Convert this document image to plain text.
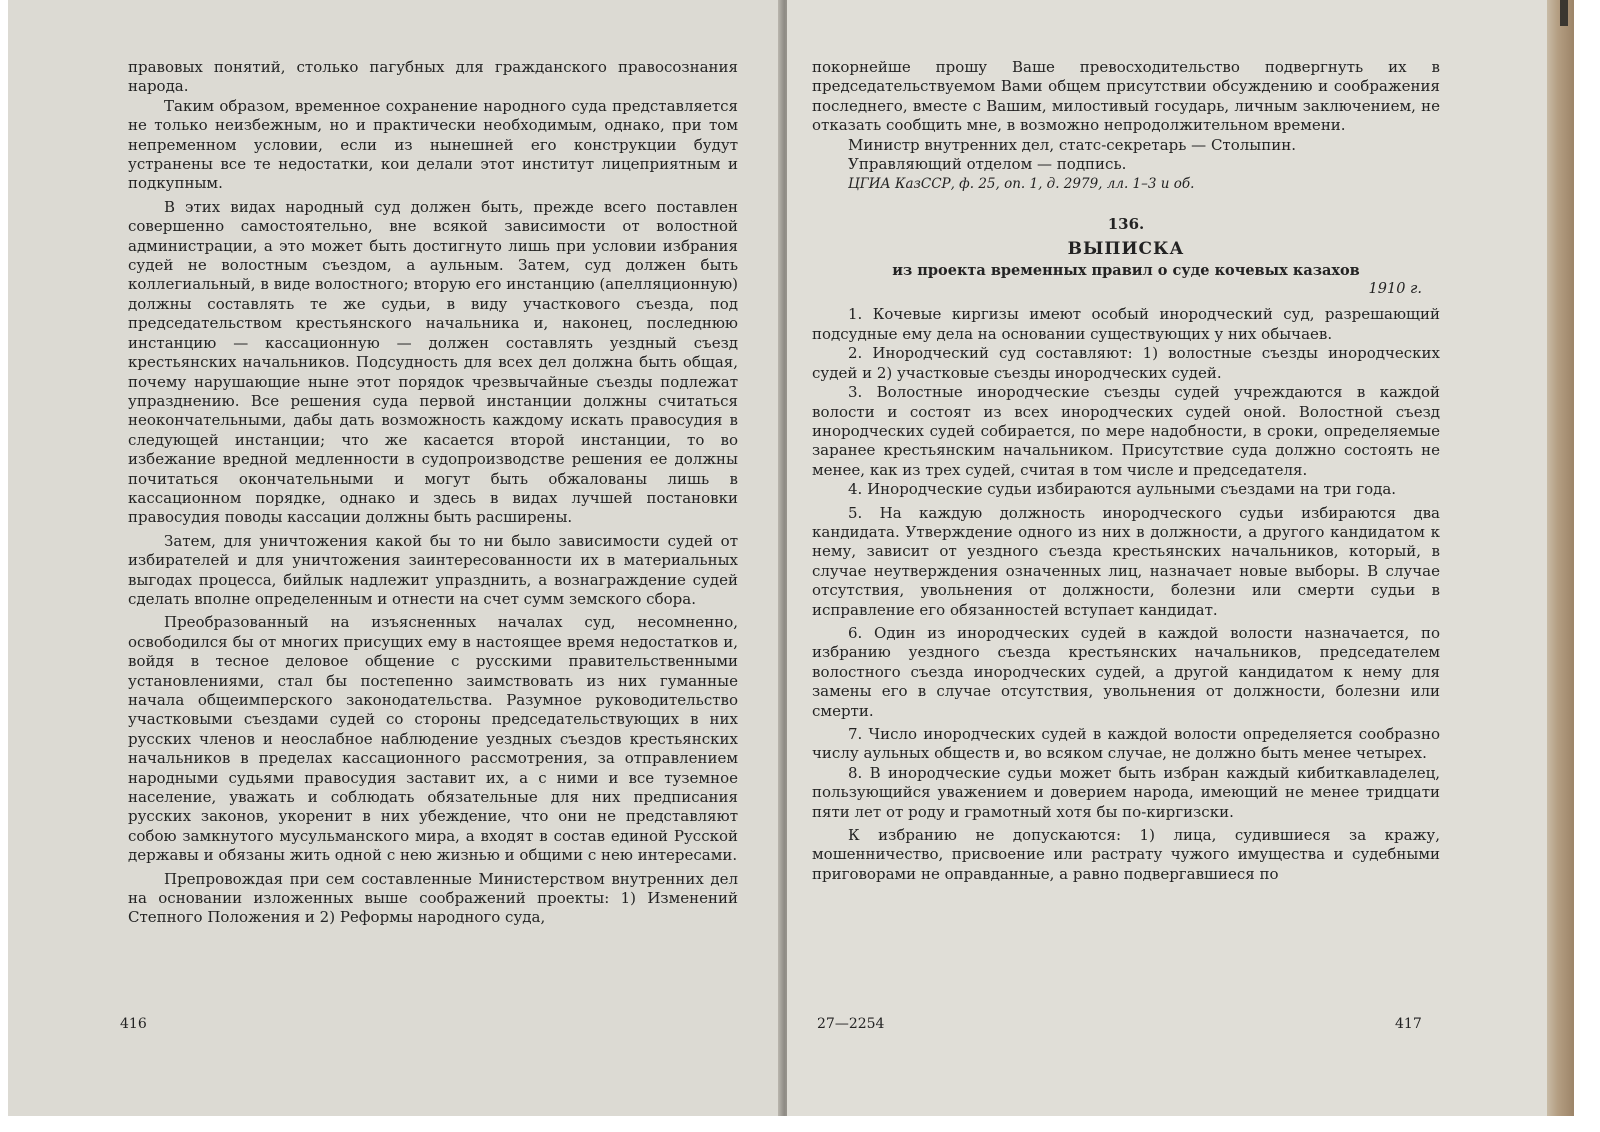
правовых понятий, столько пагубных для гражданского правосознания народа.

Таким образом, временное сохранение народного суда представляется не только неизбежным, но и практически необходимым, однако, при том непременном условии, если из нынешней его конструкции будут устранены все те недостатки, кои делали этот институт лицеприятным и подкупным.

В этих видах народный суд должен быть, прежде всего поставлен совершенно самостоятельно, вне всякой зависимости от волостной администрации, а это может быть достигнуто лишь при условии избрания судей не волостным съездом, а аульным. Затем, суд должен быть коллегиальный, в виде волостного; вторую его инстанцию (апелляционную) должны составлять те же судьи, в виду участкового съезда, под председательством крестьянского начальника и, наконец, последнюю инстанцию — кассационную — должен составлять уездный съезд крестьянских начальников. Подсудность для всех дел должна быть общая, почему нарушающие ныне этот порядок чрезвычайные съезды подлежат упразднению. Все решения суда первой инстанции должны считаться неокончательными, дабы дать возможность каждому искать правосудия в следующей инстанции; что же касается второй инстанции, то во избежание вредной медленности в судопроизводстве решения ее должны почитаться окончательными и могут быть обжалованы лишь в кассационном порядке, однако и здесь в видах лучшей постановки правосудия поводы кассации должны быть расширены.

Затем, для уничтожения какой бы то ни было зависимости судей от избирателей и для уничтожения заинтересованности их в материальных выгодах процесса, бийлык надлежит упразднить, а вознаграждение судей сделать вполне определенным и отнести на счет сумм земского сбора.

Преобразованный на изъясненных началах суд, несомненно, освободился бы от многих присущих ему в настоящее время недостатков и, войдя в тесное деловое общение с русскими правительственными установлениями, стал бы постепенно заимствовать из них гуманные начала общеимперского законодательства. Разумное руководительство участковыми съездами судей со стороны председательствующих в них русских членов и неослабное наблюдение уездных съездов крестьянских начальников в пределах кассационного рассмотрения, за отправлением народными судьями правосудия заставит их, а с ними и все туземное население, уважать и соблюдать обязательные для них предписания русских законов, укоренит в них убеждение, что они не представляют собою замкнутого мусульманского мира, а входят в состав единой Русской державы и обязаны жить одной с нею жизнью и общими с нею интересами.

Препровождая при сем составленные Министерством внутренних дел на основании изложенных выше соображений проекты: 1) Изменений Степного Положения и 2) Реформы народного суда,

416

покорнейше прошу Ваше превосходительство подвергнуть их в председательствуемом Вами общем присутствии обсуждению и соображения последнего, вместе с Вашим, милостивый государь, личным заключением, не отказать сообщить мне, в возможно непродолжительном времени.

Министр внутренних дел, статс-секретарь — Столыпин.

Управляющий отделом — подпись.

ЦГИА КазССР, ф. 25, оп. 1, д. 2979, лл. 1–3 и об.

136.
ВЫПИСКА
из проекта временных правил о суде кочевых казахов
1910 г.

1. Кочевые киргизы имеют особый инородческий суд, разрешающий подсудные ему дела на основании существующих у них обычаев.

2. Инородческий суд составляют: 1) волостные съезды инородческих судей и 2) участковые съезды инородческих судей.

3. Волостные инородческие съезды судей учреждаются в каждой волости и состоят из всех инородческих судей оной. Волостной съезд инородческих судей собирается, по мере надобности, в сроки, определяемые заранее крестьянским начальником. Присутствие суда должно состоять не менее, как из трех судей, считая в том числе и председателя.

4. Инородческие судьи избираются аульными съездами на три года.

5. На каждую должность инородческого судьи избираются два кандидата. Утверждение одного из них в должности, а другого кандидатом к нему, зависит от уездного съезда крестьянских начальников, который, в случае неутверждения означенных лиц, назначает новые выборы. В случае отсутствия, увольнения от должности, болезни или смерти судьи в исправление его обязанностей вступает кандидат.

6. Один из инородческих судей в каждой волости назначается, по избранию уездного съезда крестьянских начальников, председателем волостного съезда инородческих судей, а другой кандидатом к нему для замены его в случае отсутствия, увольнения от должности, болезни или смерти.

7. Число инородческих судей в каждой волости определяется сообразно числу аульных обществ и, во всяком случае, не должно быть менее четырех.

8. В инородческие судьи может быть избран каждый кибиткавладелец, пользующийся уважением и доверием народа, имеющий не менее тридцати пяти лет от роду и грамотный хотя бы по-киргизски.

К избранию не допускаются: 1) лица, судившиеся за кражу, мошенничество, присвоение или растрату чужого имущества и судебными приговорами не оправданные, а равно подвергавшиеся по

27—2254	417
